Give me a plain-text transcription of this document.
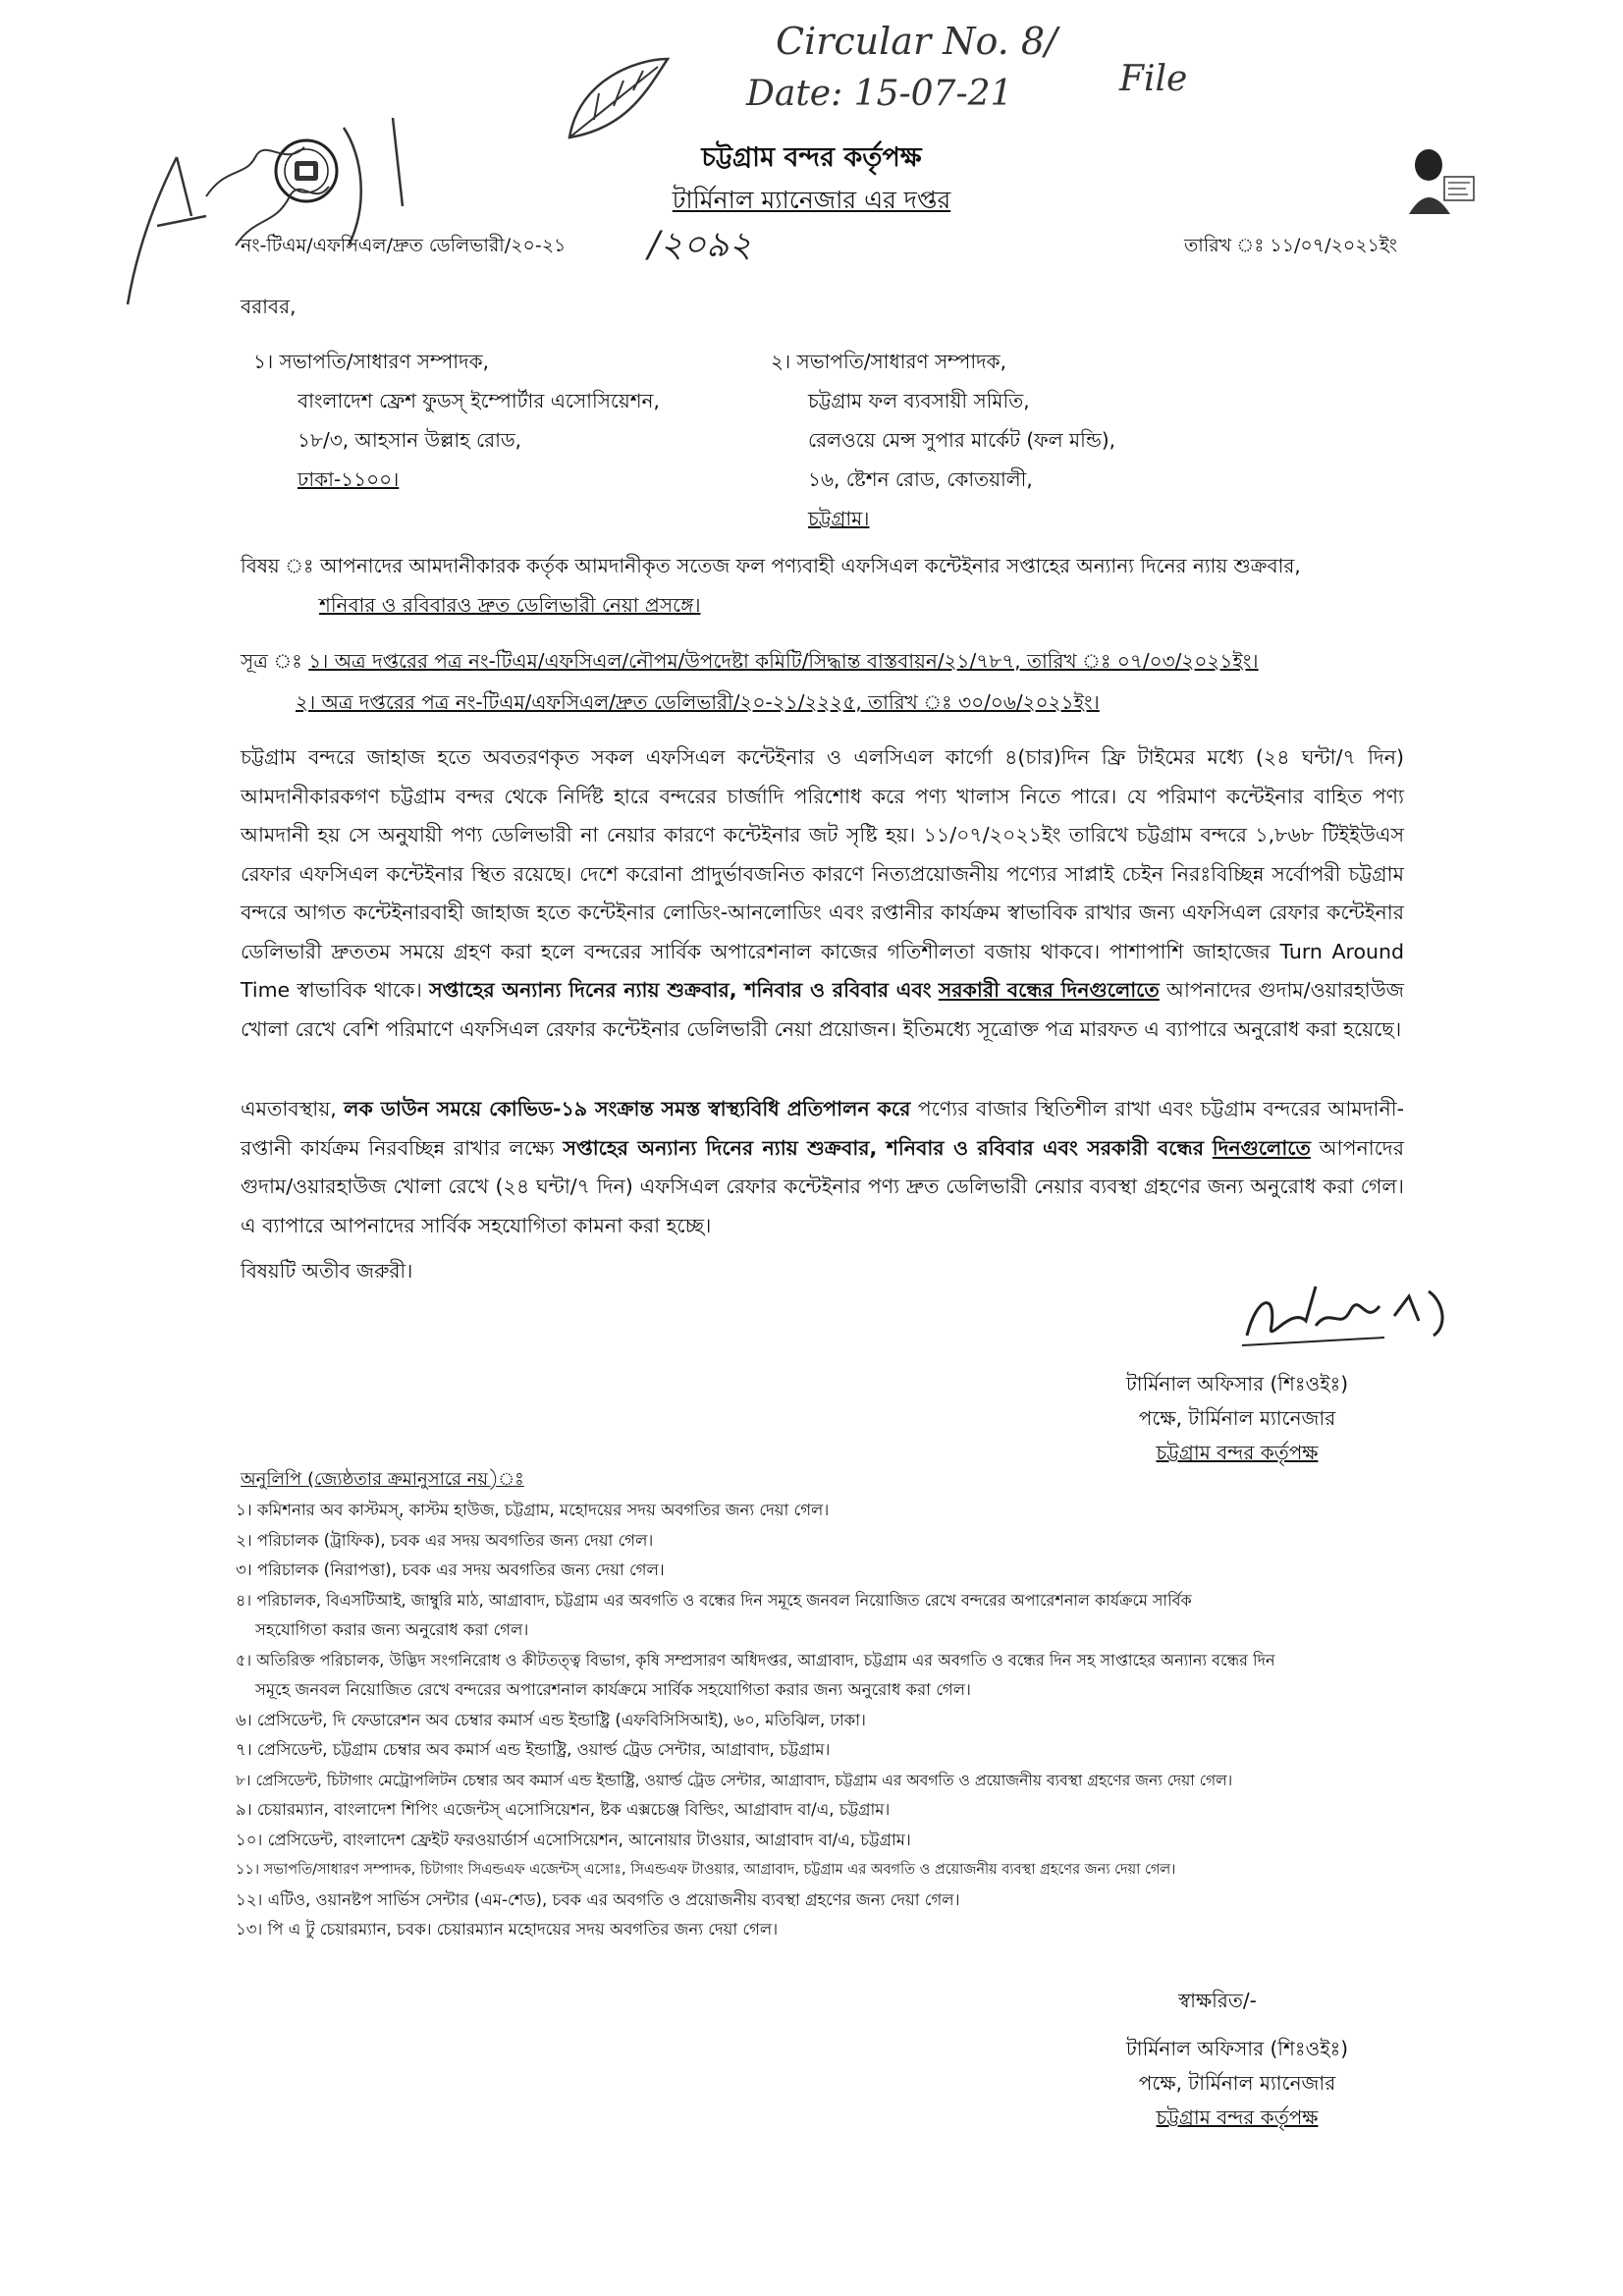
Circular No. 8/
Date: 15-07-21	File
চট্টগ্রাম বন্দর কর্তৃপক্ষ
টার্মিনাল ম্যানেজার এর দপ্তর
নং-টিএম/এফসিএল/দ্রুত ডেলিভারী/২০-২১ /২০৯২	তারিখ ঃ ১১/০৭/২০২১ইং
বরাবর,
১। সভাপতি/সাধারণ সম্পাদক,
বাংলাদেশ ফ্রেশ ফুডস্ ইম্পোর্টার এসোসিয়েশন,
১৮/৩, আহসান উল্লাহ রোড,
ঢাকা-১১০০।
২। সভাপতি/সাধারণ সম্পাদক,
চট্টগ্রাম ফল ব্যবসায়ী সমিতি,
রেলওয়ে মেন্স সুপার মার্কেট (ফল মন্ডি),
১৬, ষ্টেশন রোড, কোতয়ালী,
চট্টগ্রাম।
বিষয় ঃ আপনাদের আমদানীকারক কর্তৃক আমদানীকৃত সতেজ ফল পণ্যবাহী এফসিএল কন্টেইনার সপ্তাহের অন্যান্য দিনের ন্যায় শুক্রবার,
শনিবার ও রবিবারও দ্রুত ডেলিভারী নেয়া প্রসঙ্গে।
সূত্র ঃ ১। অত্র দপ্তরের পত্র নং-টিএম/এফসিএল/নৌপম/উপদেষ্টা কমিটি/সিদ্ধান্ত বাস্তবায়ন/২১/৭৮৭, তারিখ ঃ ০৭/০৩/২০২১ইং।
২। অত্র দপ্তরের পত্র নং-টিএম/এফসিএল/দ্রুত ডেলিভারী/২০-২১/২২২৫, তারিখ ঃ ৩০/০৬/২০২১ইং।
চট্টগ্রাম বন্দরে জাহাজ হতে অবতরণকৃত সকল এফসিএল কন্টেইনার ও এলসিএল কার্গো ৪(চার)দিন ফ্রি টাইমের মধ্যে (২৪ ঘন্টা/৭ দিন) আমদানীকারকগণ চট্টগ্রাম বন্দর থেকে নির্দিষ্ট হারে বন্দরের চার্জাদি পরিশোধ করে পণ্য খালাস নিতে পারে। যে পরিমাণ কন্টেইনার বাহিত পণ্য আমদানী হয় সে অনুযায়ী পণ্য ডেলিভারী না নেয়ার কারণে কন্টেইনার জট সৃষ্টি হয়। ১১/০৭/২০২১ইং তারিখে চট্টগ্রাম বন্দরে ১,৮৬৮ টিইইউএস রেফার এফসিএল কন্টেইনার স্থিত রয়েছে। দেশে করোনা প্রাদুর্ভাবজনিত কারণে নিত্যপ্রয়োজনীয় পণ্যের সাপ্লাই চেইন নিরঃবিচ্ছিন্ন সর্বোপরী চট্টগ্রাম বন্দরে আগত কন্টেইনারবাহী জাহাজ হতে কন্টেইনার লোডিং-আনলোডিং এবং রপ্তানীর কার্যক্রম স্বাভাবিক রাখার জন্য এফসিএল রেফার কন্টেইনার ডেলিভারী দ্রুততম সময়ে গ্রহণ করা হলে বন্দরের সার্বিক অপারেশনাল কাজের গতিশীলতা বজায় থাকবে। পাশাপাশি জাহাজের Turn Around Time স্বাভাবিক থাকে। সপ্তাহের অন্যান্য দিনের ন্যায় শুক্রবার, শনিবার ও রবিবার এবং সরকারী বন্ধের দিনগুলোতে আপনাদের গুদাম/ওয়ারহাউজ খোলা রেখে বেশি পরিমাণে এফসিএল রেফার কন্টেইনার ডেলিভারী নেয়া প্রয়োজন। ইতিমধ্যে সূত্রোক্ত পত্র মারফত এ ব্যাপারে অনুরোধ করা হয়েছে।
এমতাবস্থায়, লক ডাউন সময়ে কোভিড-১৯ সংক্রান্ত সমস্ত স্বাস্থ্যবিধি প্রতিপালন করে পণ্যের বাজার স্থিতিশীল রাখা এবং চট্টগ্রাম বন্দরের আমদানী-রপ্তানী কার্যক্রম নিরবচ্ছিন্ন রাখার লক্ষ্যে সপ্তাহের অন্যান্য দিনের ন্যায় শুক্রবার, শনিবার ও রবিবার এবং সরকারী বন্ধের দিনগুলোতে আপনাদের গুদাম/ওয়ারহাউজ খোলা রেখে (২৪ ঘন্টা/৭ দিন) এফসিএল রেফার কন্টেইনার পণ্য দ্রুত ডেলিভারী নেয়ার ব্যবস্থা গ্রহণের জন্য অনুরোধ করা গেল। এ ব্যাপারে আপনাদের সার্বিক সহযোগিতা কামনা করা হচ্ছে।
বিষয়টি অতীব জরুরী।
টার্মিনাল অফিসার (শিঃওইঃ)
পক্ষে, টার্মিনাল ম্যানেজার
চট্টগ্রাম বন্দর কর্তৃপক্ষ
অনুলিপি (জ্যেষ্ঠতার ক্রমানুসারে নয়)ঃ
১। কমিশনার অব কাস্টমস্, কাস্টম হাউজ, চট্টগ্রাম, মহোদয়ের সদয় অবগতির জন্য দেয়া গেল।
২। পরিচালক (ট্রাফিক), চবক এর সদয় অবগতির জন্য দেয়া গেল।
৩। পরিচালক (নিরাপত্তা), চবক এর সদয় অবগতির জন্য দেয়া গেল।
৪। পরিচালক, বিএসটিআই, জাম্বুরি মাঠ, আগ্রাবাদ, চট্টগ্রাম এর অবগতি ও বন্ধের দিন সমূহে জনবল নিয়োজিত রেখে বন্দরের অপারেশনাল কার্যক্রমে সার্বিক
সহযোগিতা করার জন্য অনুরোধ করা গেল।
৫। অতিরিক্ত পরিচালক, উদ্ভিদ সংগনিরোধ ও কীটতত্ত্ব বিভাগ, কৃষি সম্প্রসারণ অধিদপ্তর, আগ্রাবাদ, চট্টগ্রাম এর অবগতি ও বন্ধের দিন সহ সাপ্তাহের অন্যান্য বন্ধের দিন
সমূহে জনবল নিয়োজিত রেখে বন্দরের অপারেশনাল কার্যক্রমে সার্বিক সহযোগিতা করার জন্য অনুরোধ করা গেল।
৬। প্রেসিডেন্ট, দি ফেডারেশন অব চেম্বার কমার্স এন্ড ইন্ডাষ্ট্রি (এফবিসিসিআই), ৬০, মতিঝিল, ঢাকা।
৭। প্রেসিডেন্ট, চট্টগ্রাম চেম্বার অব কমার্স এন্ড ইন্ডাষ্ট্রি, ওয়ার্ল্ড ট্রেড সেন্টার, আগ্রাবাদ, চট্টগ্রাম।
৮। প্রেসিডেন্ট, চিটাগাং মেট্রোপলিটন চেম্বার অব কমার্স এন্ড ইন্ডাষ্ট্রি, ওয়ার্ল্ড ট্রেড সেন্টার, আগ্রাবাদ, চট্টগ্রাম এর অবগতি ও প্রয়োজনীয় ব্যবস্থা গ্রহণের জন্য দেয়া গেল।
৯। চেয়ারম্যান, বাংলাদেশ শিপিং এজেন্টস্ এসোসিয়েশন, ষ্টক এক্সচেঞ্জ বিল্ডিং, আগ্রাবাদ বা/এ, চট্টগ্রাম।
১০। প্রেসিডেন্ট, বাংলাদেশ ফ্রেইট ফরওয়ার্ডার্স এসোসিয়েশন, আনোয়ার টাওয়ার, আগ্রাবাদ বা/এ, চট্টগ্রাম।
১১। সভাপতি/সাধারণ সম্পাদক, চিটাগাং সিএন্ডএফ এজেন্টস্ এসোঃ, সিএন্ডএফ টাওয়ার, আগ্রাবাদ, চট্টগ্রাম এর অবগতি ও প্রয়োজনীয় ব্যবস্থা গ্রহণের জন্য দেয়া গেল।
১২। এটিও, ওয়ানষ্টপ সার্ভিস সেন্টার (এম-শেড), চবক এর অবগতি ও প্রয়োজনীয় ব্যবস্থা গ্রহণের জন্য দেয়া গেল।
১৩। পি এ টু চেয়ারম্যান, চবক। চেয়ারম্যান মহোদয়ের সদয় অবগতির জন্য দেয়া গেল।
স্বাক্ষরিত/-
টার্মিনাল অফিসার (শিঃওইঃ)
পক্ষে, টার্মিনাল ম্যানেজার
চট্টগ্রাম বন্দর কর্তৃপক্ষ
